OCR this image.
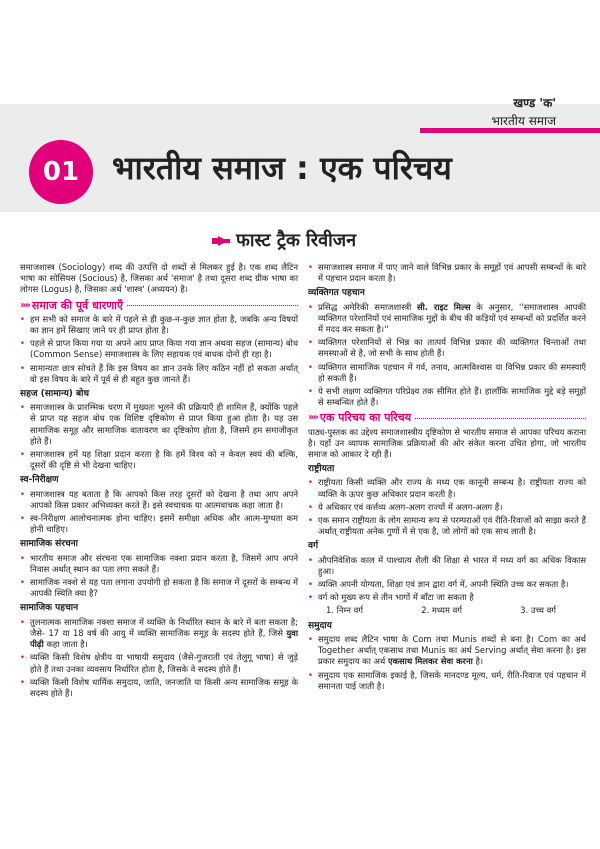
खण्ड 'क'
भारतीय समाज
01	भारतीय समाज : एक परिचय
फास्ट ट्रैक रिवीजन

समाजशास्त्र (Sociology) शब्द की उत्पत्ति दो शब्दों से मिलकर हुई है। एक शब्द लैटिन भाषा का सोसियस (Socious) है, जिसका अर्थ 'समाज' है तथा दूसरा शब्द ग्रीक भाषा का लोगस (Logus) है, जिसका अर्थ 'शास्त्र' (अध्ययन) है।

»» समाज की पूर्व धारणाएँ

• हम सभी को समाज के बारे में पहले से ही कुछ-न-कुछ ज्ञात होता है, जबकि अन्य विषयों का ज्ञान हमें सिखाए जाने पर ही प्राप्त होता है।

• पहले से प्राप्त किया गया या अपने आप प्राप्त किया गया ज्ञान अथवा सहज (सामान्य) बोध (Common Sense) समाजशास्त्र के लिए सहायक एवं बाधक दोनों ही रहा है।

• सामान्यतः छात्र सोचते हैं कि इस विषय का ज्ञान उनके लिए कठिन नहीं हो सकता अर्थात् वो इस विषय के बारे में पूर्व से ही बहुत कुछ जानते हैं।

सहज (सामान्य) बोध

• समाजशास्त्र के प्रारम्भिक चरण में मुख्यतः भूलने की प्रक्रियाएँ ही शामिल हैं, क्योंकि पहले से प्राप्त यह सहज बोध एक विशिष्ट दृष्टिकोण से प्राप्त किया हुआ होता है। यह उस सामाजिक समूह और सामाजिक वातावरण का दृष्टिकोण होता है, जिसमें हम समाजीकृत होते हैं।

• समाजशास्त्र हमें यह शिक्षा प्रदान करता है कि हमें विश्व को न केवल स्वयं की बल्कि, दूसरों की दृष्टि से भी देखना चाहिए।

स्व-निरीक्षण

• समाजशास्त्र यह बताता है कि आपको किस तरह दूसरों को देखना है तथा आप अपने आपको किस प्रकार अभिव्यक्त करते हैं। इसे स्वचाचक या आत्मवाचक कहा जाता है।

• स्व-निरीक्षण आलोचनात्मक होना चाहिए। इसमें समीक्षा अधिक और आत्म-मुग्धता कम होनी चाहिए।

सामाजिक संरचना

• भारतीय समाज और संरचना एक सामाजिक नक्शा प्रदान करता है, जिसमें आप अपने निवास अर्थात् स्थान का पता लगा सकते हैं।

• सामाजिक नक्शे से यह पता लगाना उपयोगी हो सकता है कि समाज में दूसरों के सम्बन्ध में आपकी स्थिति क्या है?

सामाजिक पहचान

• तुलनात्मक सामाजिक नक्शा समाज में व्यक्ति के निर्धारित स्थान के बारे में बता सकता है; जैसे- 17 या 18 वर्ष की आयु में व्यक्ति सामाजिक समूह के सदस्य होते हैं, जिसे युवा पीढ़ी कहा जाता है।

• व्यक्ति किसी विशेष क्षेत्रीय या भाषायी समुदाय (जैसे-गुजराती एवं तेलुगू भाषा) से जुड़े होते हैं तथा उनका व्यवसाय निर्धारित होता है, जिसके वे सदस्य होते हैं।

• व्यक्ति किसी विशेष धार्मिक समुदाय, जाति, जनजाति या किसी अन्य सामाजिक समूह के सदस्य होते हैं।

• समाजशास्त्र समाज में पाए जाने वाले विभिन्न प्रकार के समूहों एवं आपसी सम्बन्धों के बारे में पहचान प्रदान करता है।

व्यक्तिगत पहचान

• प्रसिद्ध अमेरिकी समाजशास्त्री सी. राइट मिल्स के अनुसार, ''समाजशास्त्र आपकी व्यक्तिगत परेशानियों एवं सामाजिक मुद्दों के बीच की कड़ियों एवं सम्बन्धों को प्रदर्शित करने में मदद कर सकता है।''

• व्यक्तिगत परेशानियों से भिन्न का तात्पर्य विभिन्न प्रकार की व्यक्तिगत चिन्ताओं तथा समस्याओं से है, जो सभी के साथ होती हैं।

• व्यक्तिगत सामाजिक पहचान में गर्व, तनाव, आत्मविश्वास या विभिन्न प्रकार की समस्याएँ हो सकती हैं।

• ये सभी लक्षण व्यक्तिगत परिप्रेक्ष्य तक सीमित होते हैं। हालाँकि सामाजिक मुद्दे बड़े समूहों से सम्बन्धित होते हैं।

»» एक परिचय का परिचय

पाठ्य-पुस्तक का उद्देश्य समाजशास्त्रीय दृष्टिकोण से भारतीय समाज से आपका परिचय कराना है। यहाँ उन व्यापक सामाजिक प्रक्रियाओं की ओर संकेत करना उचित होगा, जो भारतीय समाज को आकार दे रही हैं।

राष्ट्रीयता

• राष्ट्रीयता किसी व्यक्ति और राज्य के मध्य एक कानूनी सम्बन्ध है। राष्ट्रीयता राज्य को व्यक्ति के ऊपर कुछ अधिकार प्रदान करती है।

• ये अधिकार एवं कर्त्तव्य अलग-अलग राज्यों में अलग-अलग हैं।

• एक समान राष्ट्रीयता के लोग सामान्य रूप से परम्पराओं एवं रीति-रिवाजों को साझा करते हैं अर्थात् राष्ट्रीयता अनेक गुणों में से एक है, जो लोगों को एक साथ लाती है।

वर्ग

• औपनिवेशिक काल में पाश्चात्य शैली की शिक्षा से भारत में मध्य वर्ग का अधिक विकास हुआ।

• व्यक्ति अपनी योग्यता, शिक्षा एवं ज्ञान द्वारा वर्ग में, अपनी स्थिति उच्च कर सकता है।

• वर्ग को मुख्य रूप से तीन भागों में बाँटा जा सकता है

1. निम्न वर्ग	2. मध्यम वर्ग	3. उच्च वर्ग
समुदाय

• समुदाय शब्द लैटिन भाषा के Com तथा Munis शब्दों से बना है। Com का अर्थ Together अर्थात् एकसाथ तथा Munis का अर्थ Serving अर्थात् सेवा करना है। इस प्रकार समुदाय का अर्थ एकसाथ मिलकर सेवा करना है।

• समुदाय एक सामाजिक इकाई है, जिसके मानदण्ड मूल्य, धर्म, रीति-रिवाज एवं पहचान में समानता पाई जाती है।
